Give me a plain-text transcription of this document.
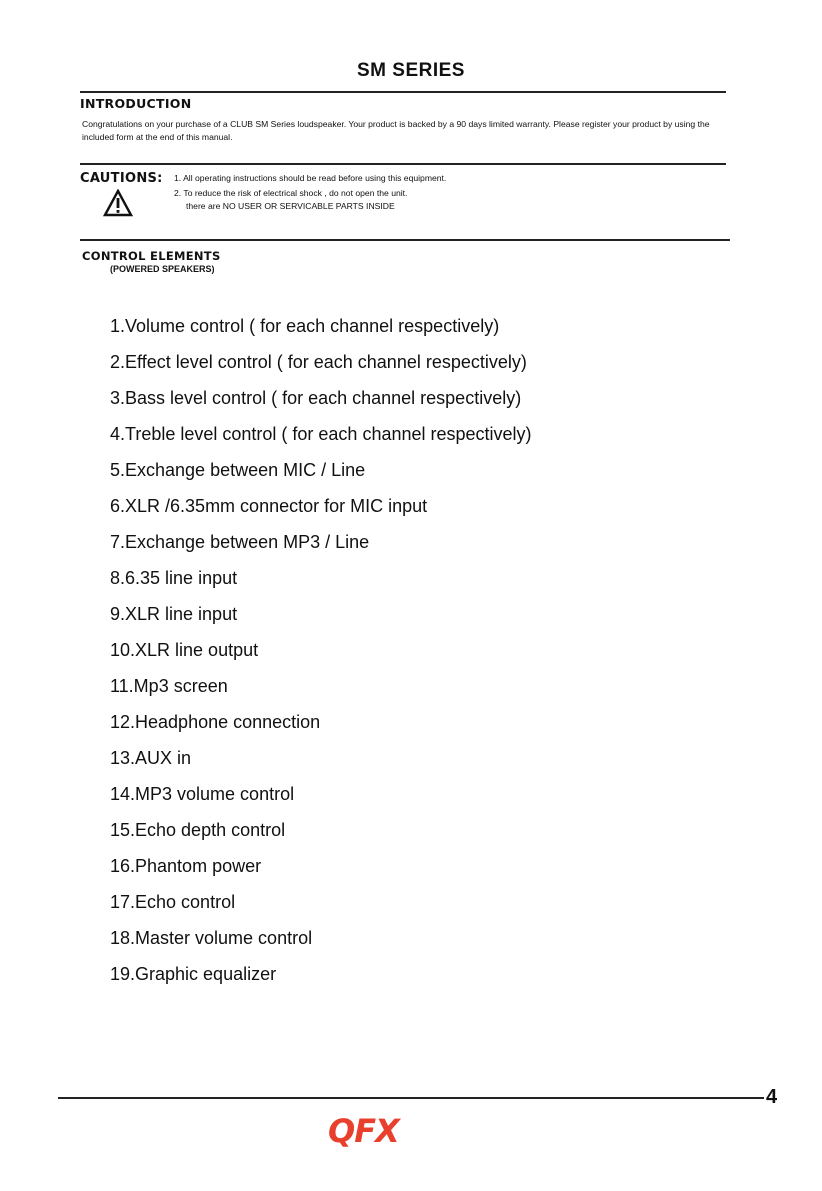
SM SERIES
INTRODUCTION
Congratulations on your purchase of a CLUB SM Series loudspeaker. Your product is backed by a 90 days limited warranty. Please register your product by using the included form at the end of this manual.
CAUTIONS: 1. All operating instructions should be read before using this equipment.
2. To reduce the risk of electrical shock , do not open the unit.
there are NO USER OR SERVICABLE PARTS INSIDE
CONTROL ELEMENTS
(POWERED SPEAKERS)
1.Volume control ( for each channel respectively)
2.Effect level control ( for each channel respectively)
3.Bass level control ( for each channel respectively)
4.Treble level control ( for each channel respectively)
5.Exchange between MIC / Line
6.XLR /6.35mm connector for MIC input
7.Exchange between MP3 / Line
8.6.35 line input
9.XLR line input
10.XLR line output
11.Mp3 screen
12.Headphone connection
13.AUX in
14.MP3 volume control
15.Echo depth control
16.Phantom power
17.Echo control
18.Master volume control
19.Graphic equalizer
4
QFX
